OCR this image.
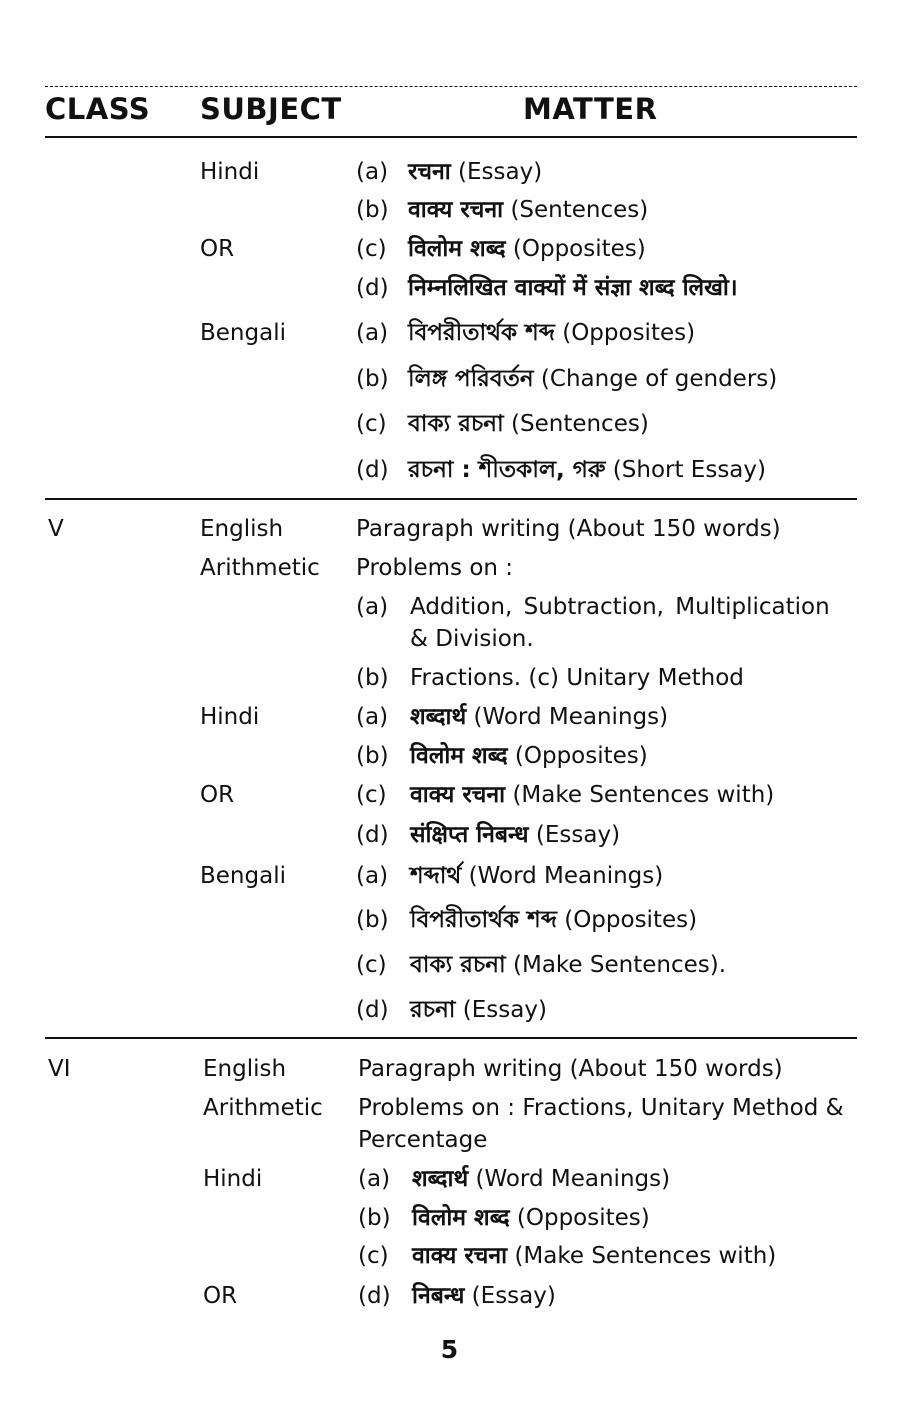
CLASS SUBJECT	MATTER
Hindi	(a) रचना (Essay)
(b) वाक्य रचना (Sentences)
OR	(c) विलोम शब्द (Opposites)
(d) निम्नलिखित वाक्यों में संज्ञा शब्द लिखो।
Bengali	(a) বিপরীতার্থক শব্দ (Opposites)
(b) লিঙ্গ পরিবর্তন (Change of genders)
(c) বাক্য রচনা (Sentences)
(d) রচনা : শীতকাল, গরু (Short Essay)
V	English	Paragraph writing (About 150 words)
Arithmetic Problems on :
(a) Addition, Subtraction, Multiplication
& Division.
(b) Fractions. (c) Unitary Method
Hindi	(a) शब्दार्थ (Word Meanings)
(b) विलोम शब्द (Opposites)
OR	(c)	वाक्य रचना (Make Sentences with)
(d) संक्षिप्त निबन्ध (Essay)
Bengali	(a) শব্দার্থ (Word Meanings)
(b) বিপরীতার্থক শব্দ (Opposites)
(c)	বাক্য রচনা (Make Sentences).
(d) রচনা (Essay)
VI	English	Paragraph writing (About 150 words)
Arithmetic Problems on : Fractions, Unitary Method &
Percentage
Hindi	(a) शब्दार्थ (Word Meanings)
(b) विलोम शब्द (Opposites)
(c)	वाक्य रचना (Make Sentences with)
OR	(d) निबन्ध (Essay)
5
